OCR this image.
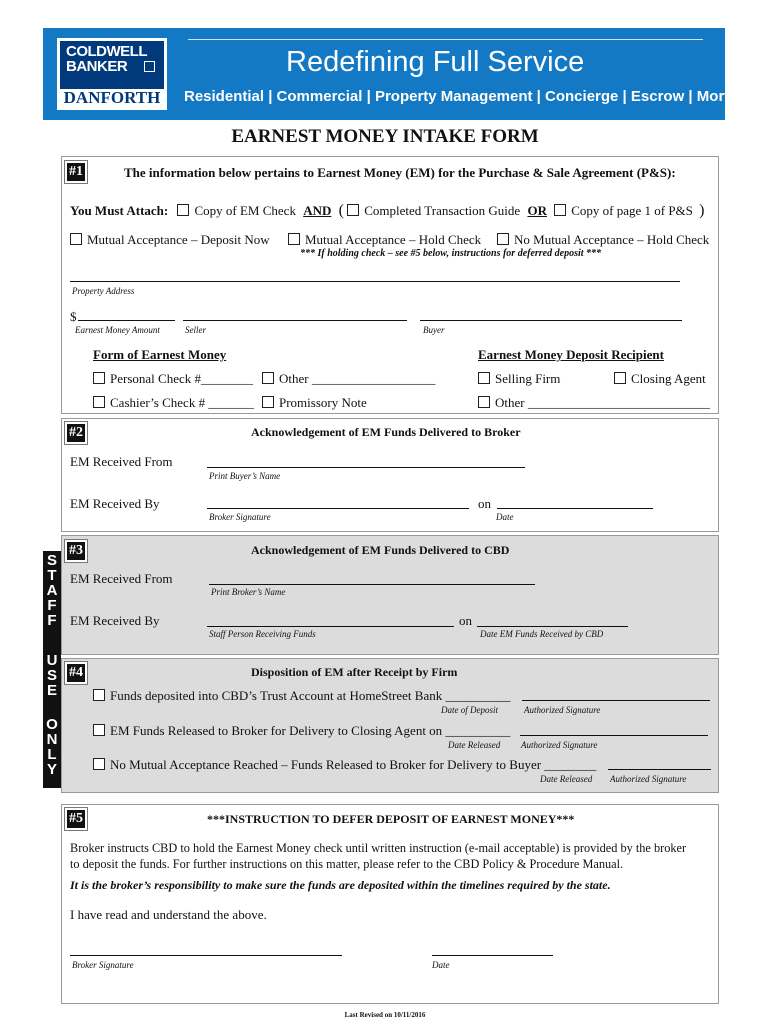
COLDWELL
BANKER
DANFORTH
Redefining Full Service
Residential | Commercial | Property Management | Concierge | Escrow | Mortgage
EARNEST MONEY INTAKE FORM
#1	The information below pertains to Earnest Money (EM) for the Purchase & Sale Agreement (P&S):
You Must Attach: Copy of EM Check AND ( Completed Transaction Guide OR Copy of page 1 of P&S )
Mutual Acceptance – Deposit Now	Mutual Acceptance – Hold Check	No Mutual Acceptance – Hold Check
*** If holding check – see #5 below, instructions for deferred deposit ***
Property Address
$
Earnest Money Amount	Seller	Buyer
Form of Earnest Money	Earnest Money Deposit Recipient
Personal Check #________	Other ___________________	Selling Firm	Closing Agent
Cashier’s Check # _______	Promissory Note	Other ____________________________
#2	Acknowledgement of EM Funds Delivered to Broker
EM Received From
Print Buyer’s Name
EM Received By	on
Broker Signature	Date
S
T
A
F
F
U
S
E
O
N
L
Y
#3	Acknowledgement of EM Funds Delivered to CBD
EM Received From
Print Broker’s Name
EM Received By	on
Staff Person Receiving Funds	Date EM Funds Received by CBD
#4	Disposition of EM after Receipt by Firm
Funds deposited into CBD’s Trust Account at HomeStreet Bank __________
Date of Deposit	Authorized Signature
EM Funds Released to Broker for Delivery to Closing Agent on __________
Date Released Authorized Signature
No Mutual Acceptance Reached – Funds Released to Broker for Delivery to Buyer ________
Date Released Authorized Signature
#5	***INSTRUCTION TO DEFER DEPOSIT OF EARNEST MONEY***
Broker instructs CBD to hold the Earnest Money check until written instruction (e-mail acceptable) is provided by the broker
to deposit the funds. For further instructions on this matter, please refer to the CBD Policy & Procedure Manual.
It is the broker’s responsibility to make sure the funds are deposited within the timelines required by the state.
I have read and understand the above.
Broker Signature	Date
Last Revised on 10/11/2016
